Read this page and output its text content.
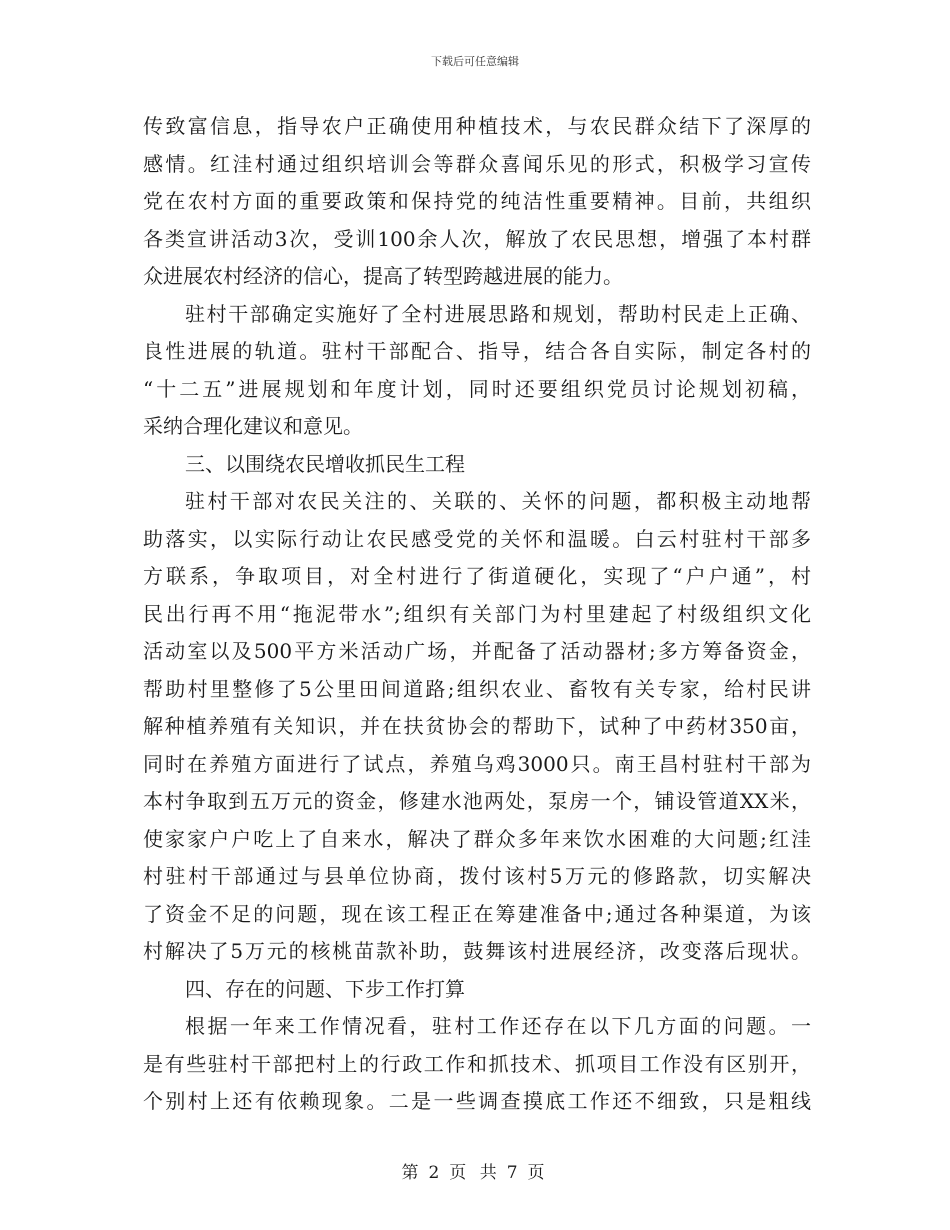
下载后可任意编辑
传致富信息，指导农户正确使用种植技术，与农民群众结下了深厚的
感情。红洼村通过组织培训会等群众喜闻乐见的形式，积极学习宣传
党在农村方面的重要政策和保持党的纯洁性重要精神。目前，共组织
各类宣讲活动3次，受训100余人次，解放了农民思想，增强了本村群
众进展农村经济的信心，提高了转型跨越进展的能力。
驻村干部确定实施好了全村进展思路和规划，帮助村民走上正确、
良性进展的轨道。驻村干部配合、指导，结合各自实际，制定各村的
“十二五”进展规划和年度计划，同时还要组织党员讨论规划初稿，
采纳合理化建议和意见。
三、以围绕农民增收抓民生工程
驻村干部对农民关注的、关联的、关怀的问题，都积极主动地帮
助落实，以实际行动让农民感受党的关怀和温暖。白云村驻村干部多
方联系，争取项目，对全村进行了街道硬化，实现了“户户通”，村
民出行再不用“拖泥带水”;组织有关部门为村里建起了村级组织文化
活动室以及500平方米活动广场，并配备了活动器材;多方筹备资金，
帮助村里整修了5公里田间道路;组织农业、畜牧有关专家，给村民讲
解种植养殖有关知识，并在扶贫协会的帮助下，试种了中药材350亩，
同时在养殖方面进行了试点，养殖乌鸡3000只。南王昌村驻村干部为
本村争取到五万元的资金，修建水池两处，泵房一个，铺设管道XX米，
使家家户户吃上了自来水，解决了群众多年来饮水困难的大问题;红洼
村驻村干部通过与县单位协商，拨付该村5万元的修路款，切实解决
了资金不足的问题，现在该工程正在筹建准备中;通过各种渠道，为该
村解决了5万元的核桃苗款补助，鼓舞该村进展经济，改变落后现状。
四、存在的问题、下步工作打算
根据一年来工作情况看，驻村工作还存在以下几方面的问题。一
是有些驻村干部把村上的行政工作和抓技术、抓项目工作没有区别开，
个别村上还有依赖现象。二是一些调查摸底工作还不细致，只是粗线
第 2 页 共 7 页
